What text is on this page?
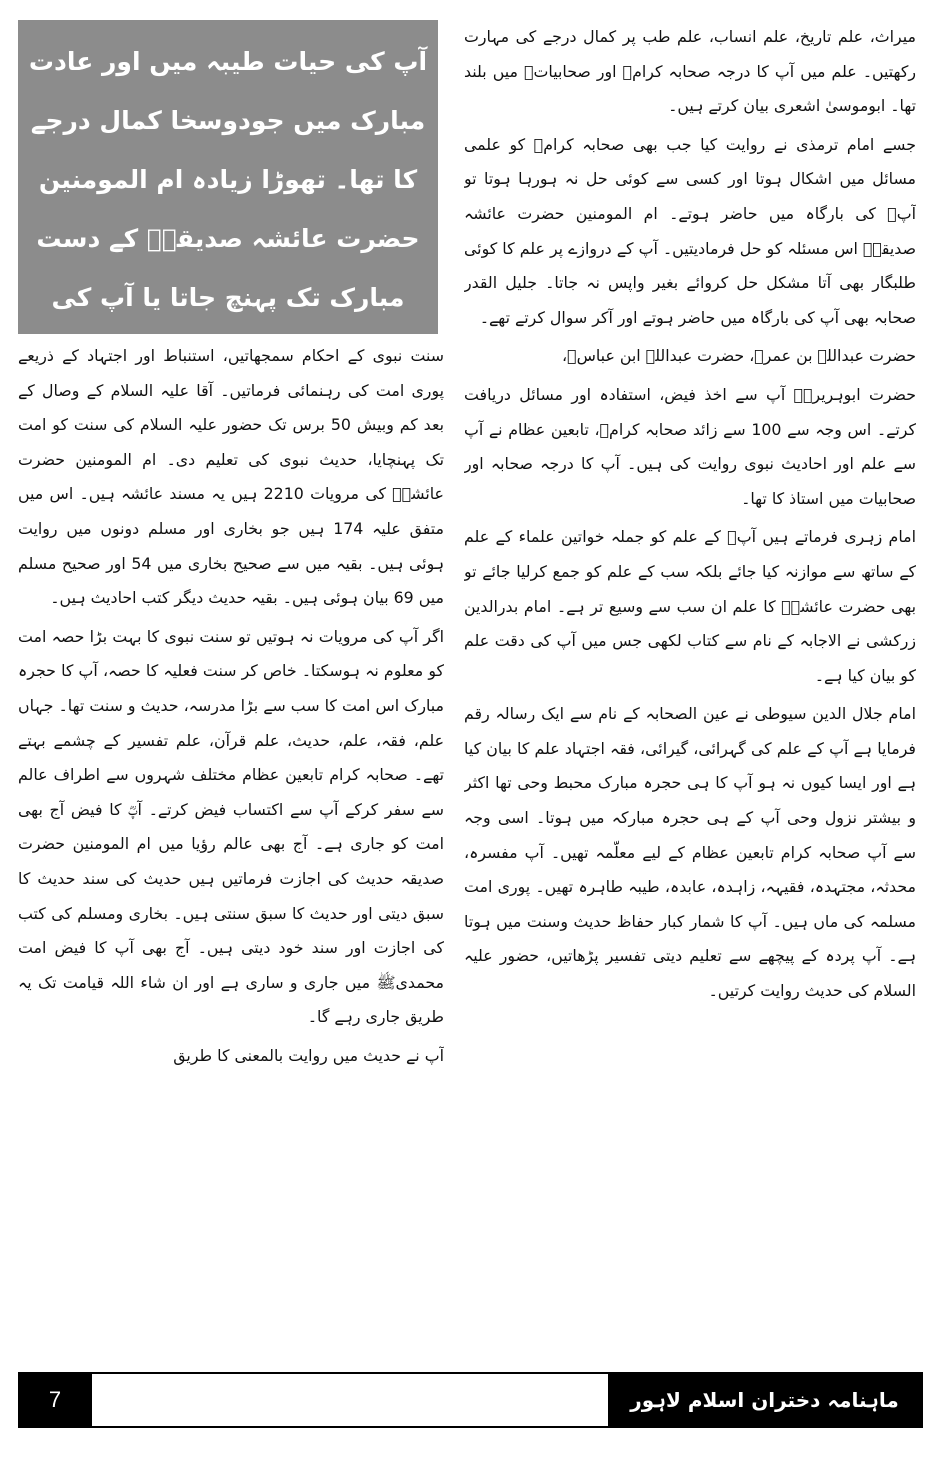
میراث، علم تاریخ، علم انساب، علم طب پر کمال درجے کی مہارت رکھتیں۔ علم میں آپ کا درجہ صحابہ کرامؓ اور صحابیاتؓ میں بلند تھا۔ ابوموسیٰ اشعری بیان کرتے ہیں۔

جسے امام ترمذی نے روایت کیا جب بھی صحابہ کرامؓ کو علمی مسائل میں اشکال ہوتا اور کسی سے کوئی حل نہ ہورہا ہوتا تو آپؓ کی بارگاہ میں حاضر ہوتے۔ ام المومنین حضرت عائشہ صدیقہؓ اس مسئلہ کو حل فرمادیتیں۔ آپ کے دروازے پر علم کا کوئی طلبگار بھی آتا مشکل حل کروائے بغیر واپس نہ جاتا۔ جلیل القدر صحابہ بھی آپ کی بارگاہ میں حاضر ہوتے اور آکر سوال کرتے تھے۔

حضرت عبداللہ بن عمرؓ، حضرت عبداللہ ابن عباسؓ،

حضرت ابوہریرہؓ آپ سے اخذ فیض، استفادہ اور مسائل دریافت کرتے۔ اس وجہ سے 100 سے زائد صحابہ کرامؓ، تابعین عظام نے آپ سے علم اور احادیث نبوی روایت کی ہیں۔ آپ کا درجہ صحابہ اور صحابیات میں استاذ کا تھا۔

امام زہری فرماتے ہیں آپؓ کے علم کو جملہ خواتین علماء کے علم کے ساتھ سے موازنہ کیا جائے بلکہ سب کے علم کو جمع کرلیا جائے تو بھی حضرت عائشہؓ کا علم ان سب سے وسیع تر ہے۔ امام بدرالدین زرکشی نے الاجابہ کے نام سے کتاب لکھی جس میں آپ کی دقت علم کو بیان کیا ہے۔

امام جلال الدین سیوطی نے عین الصحابہ کے نام سے ایک رسالہ رقم فرمایا ہے آپ کے علم کی گہرائی، گیرائی، فقہ اجتہاد علم کا بیان کیا ہے اور ایسا کیوں نہ ہو آپ کا ہی حجرہ مبارک محبط وحی تھا اکثر و بیشتر نزول وحی آپ کے ہی حجرہ مبارکہ میں ہوتا۔ اسی وجہ سے آپ صحابہ کرام تابعین عظام کے لیے معلّمہ تھیں۔ آپ مفسرہ، محدثہ، مجتہدہ، فقیہہ، زاہدہ، عابدہ، طیبہ طاہرہ تھیں۔ پوری امت مسلمہ کی ماں ہیں۔ آپ کا شمار کبار حفاظ حدیث وسنت میں ہوتا ہے۔ آپ پردہ کے پیچھے سے تعلیم دیتی تفسیر پڑھاتیں، حضور علیہ السلام کی حدیث روایت کرتیں۔

آپ کی حیات طیبہ میں اور عادت مبارک میں جودوسخا کمال درجے کا تھا۔ تھوڑا زیادہ ام المومنین حضرت عائشہ صدیقہؓ کے دست مبارک تک پہنچ جاتا یا آپ کی

سنت نبوی کے احکام سمجھاتیں، استنباط اور اجتہاد کے ذریعے پوری امت کی رہنمائی فرماتیں۔ آقا علیہ السلام کے وصال کے بعد کم وبیش 50 برس تک حضور علیہ السلام کی سنت کو امت تک پہنچایا، حدیث نبوی کی تعلیم دی۔ ام المومنین حضرت عائشہؓ کی مرویات 2210 ہیں یہ مسند عائشہ ہیں۔ اس میں متفق علیہ 174 ہیں جو بخاری اور مسلم دونوں میں روایت ہوئی ہیں۔ بقیہ میں سے صحیح بخاری میں 54 اور صحیح مسلم میں 69 بیان ہوئی ہیں۔ بقیہ حدیث دیگر کتب احادیث ہیں۔

اگر آپ کی مرویات نہ ہوتیں تو سنت نبوی کا بہت بڑا حصہ امت کو معلوم نہ ہوسکتا۔ خاص کر سنت فعلیہ کا حصہ، آپ کا حجرہ مبارک اس امت کا سب سے بڑا مدرسہ، حدیث و سنت تھا۔ جہاں علم، فقہ، علم، حدیث، علم قرآن، علم تفسیر کے چشمے بہتے تھے۔ صحابہ کرام تابعین عظام مختلف شہروں سے اطراف عالم سے سفر کرکے آپ سے اکتساب فیض کرتے۔ آپؓ کا فیض آج بھی امت کو جاری ہے۔ آج بھی عالم رؤیا میں ام المومنین حضرت صدیقہ حدیث کی اجازت فرماتیں ہیں حدیث کی سند حدیث کا سبق دیتی اور حدیث کا سبق سنتی ہیں۔ بخاری ومسلم کی کتب کی اجازت اور سند خود دیتی ہیں۔ آج بھی آپ کا فیض امت محمدیﷺ میں جاری و ساری ہے اور ان شاء اللہ قیامت تک یہ طریق جاری رہے گا۔

آپ نے حدیث میں روایت بالمعنی کا طریق

7	ماہنامہ دختران اسلام لاہور جون 2021
